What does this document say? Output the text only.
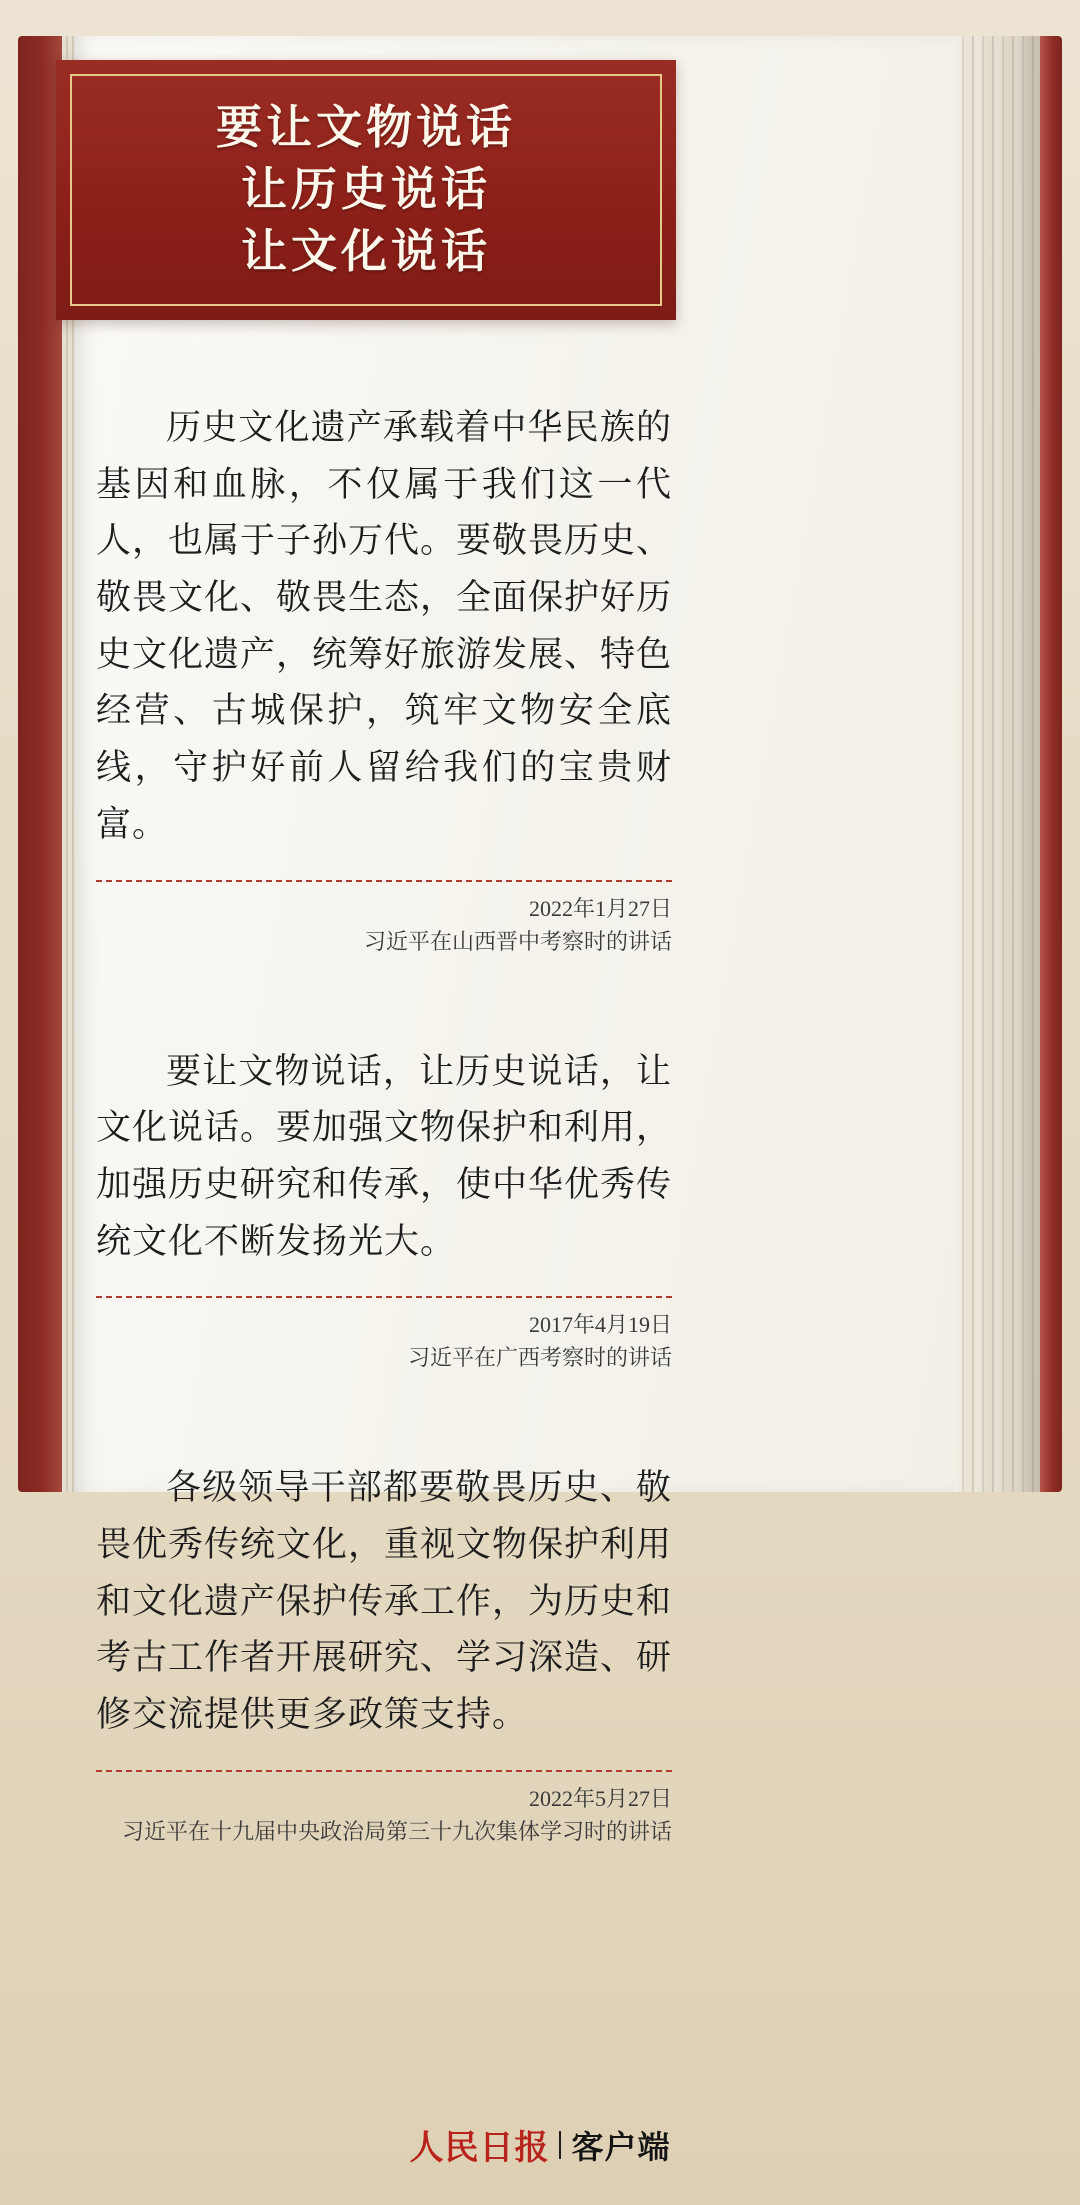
要让文物说话
让历史说话
让文化说话
历史文化遗产承载着中华民族的基因和血脉，不仅属于我们这一代人，也属于子孙万代。要敬畏历史、敬畏文化、敬畏生态，全面保护好历史文化遗产，统筹好旅游发展、特色经营、古城保护，筑牢文物安全底线，守护好前人留给我们的宝贵财富。
2022年1月27日
习近平在山西晋中考察时的讲话
要让文物说话，让历史说话，让文化说话。要加强文物保护和利用，加强历史研究和传承，使中华优秀传统文化不断发扬光大。
2017年4月19日
习近平在广西考察时的讲话
各级领导干部都要敬畏历史、敬畏优秀传统文化，重视文物保护利用和文化遗产保护传承工作，为历史和考古工作者开展研究、学习深造、研修交流提供更多政策支持。
2022年5月27日
习近平在十九届中央政治局第三十九次集体学习时的讲话
人民日报 客户端
